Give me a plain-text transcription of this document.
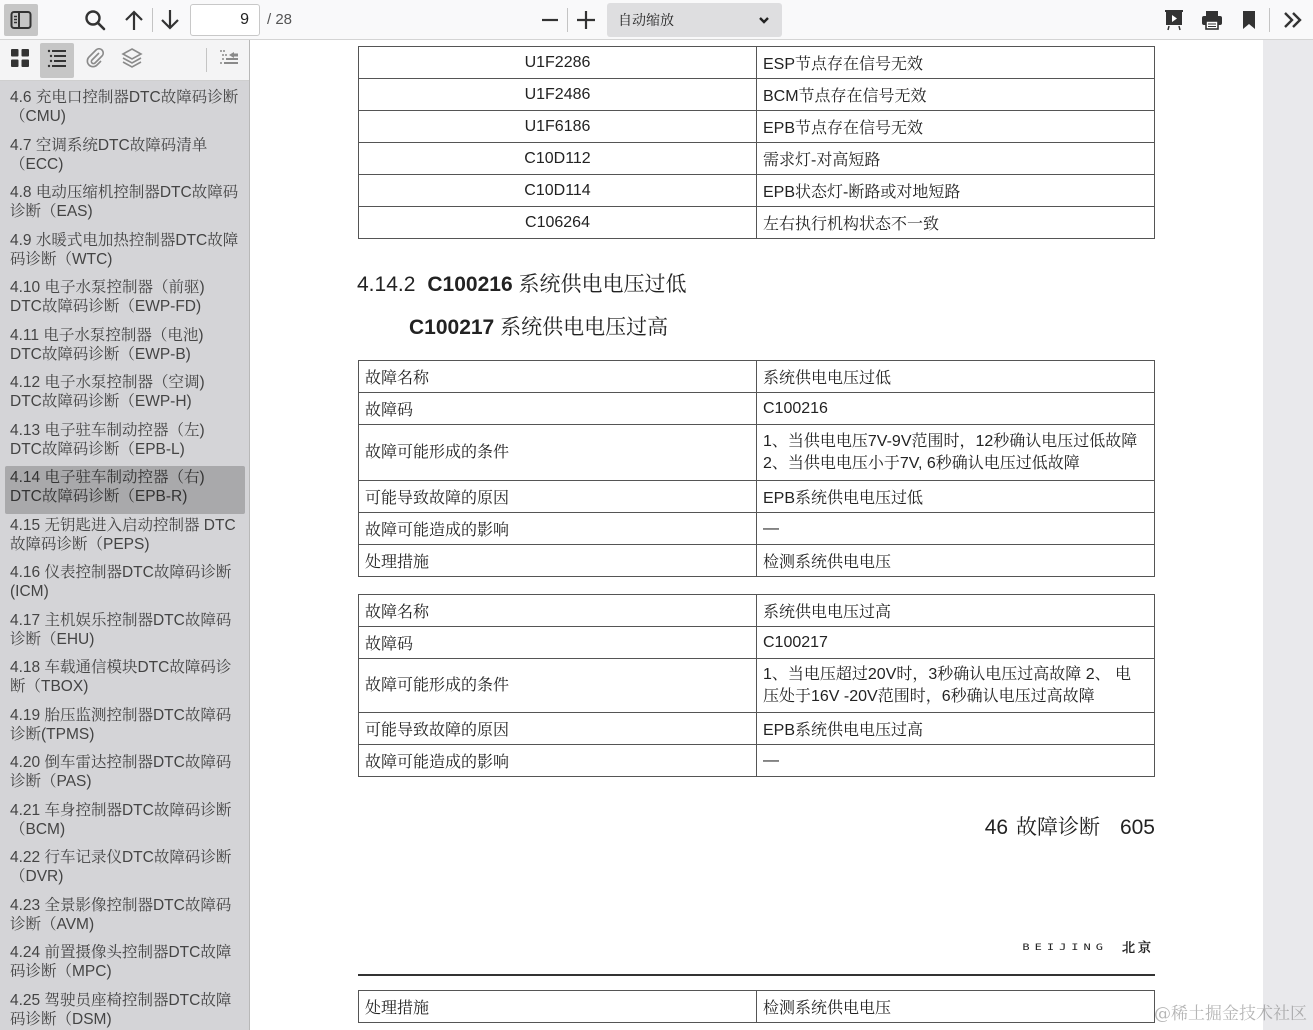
9
/ 28	自动缩放
4.6 充电口控制器DTC故障码诊断（CMU)
4.7 空调系统DTC故障码清单（ECC)
4.8 电动压缩机控制器DTC故障码诊断（EAS)
4.9 水暖式电加热控制器DTC故障码诊断（WTC)
4.10 电子水泵控制器（前驱) DTC故障码诊断（EWP-FD)
4.11 电子水泵控制器（电池) DTC故障码诊断（EWP-B)
4.12 电子水泵控制器（空调) DTC故障码诊断（EWP-H)
4.13 电子驻车制动控器（左) DTC故障码诊断（EPB-L)
4.14 电子驻车制动控器（右) DTC故障码诊断（EPB-R)
4.15 无钥匙进入启动控制器 DTC故障码诊断（PEPS)
4.16 仪表控制器DTC故障码诊断(ICM)
4.17 主机娱乐控制器DTC故障码诊断（EHU)
4.18 车载通信模块DTC故障码诊断（TBOX)
4.19 胎压监测控制器DTC故障码诊断(TPMS)
4.20 倒车雷达控制器DTC故障码诊断（PAS)
4.21 车身控制器DTC故障码诊断（BCM)
4.22 行车记录仪DTC故障码诊断（DVR)
4.23 全景影像控制器DTC故障码诊断（AVM)
4.24 前置摄像头控制器DTC故障码诊断（MPC)
4.25 驾驶员座椅控制器DTC故障码诊断（DSM)
U1F2286	ESP节点存在信号无效
U1F2486	BCM节点存在信号无效
U1F6186	EPB节点存在信号无效
C10D112	需求灯-对高短路
C10D114	EPB状态灯-断路或对地短路
C106264	左右执行机构状态不一致
4.14.2 C100216 系统供电电压过低
C100217 系统供电电压过高
故障名称	系统供电电压过低
故障码	C100216
故障可能形成的条件	1、当供电电压7V-9V范围时，12秒确认电压过低故障
2、当供电电压小于7V, 6秒确认电压过低故障

可能导致故障的原因	EPB系统供电电压过低
故障可能造成的影响	—
处理措施	检测系统供电电压
故障名称	系统供电电压过高
故障码	C100217
故障可能形成的条件	1、当电压超过20V时，3秒确认电压过高故障 2、 电
压处于16V -20V范围时，6秒确认电压过高故障

可能导致故障的原因	EPB系统供电电压过高
故障可能造成的影响	—
46 故障诊断 605
BEIJING 北京
处理措施	检测系统供电电压	@稀土掘金技术社区
